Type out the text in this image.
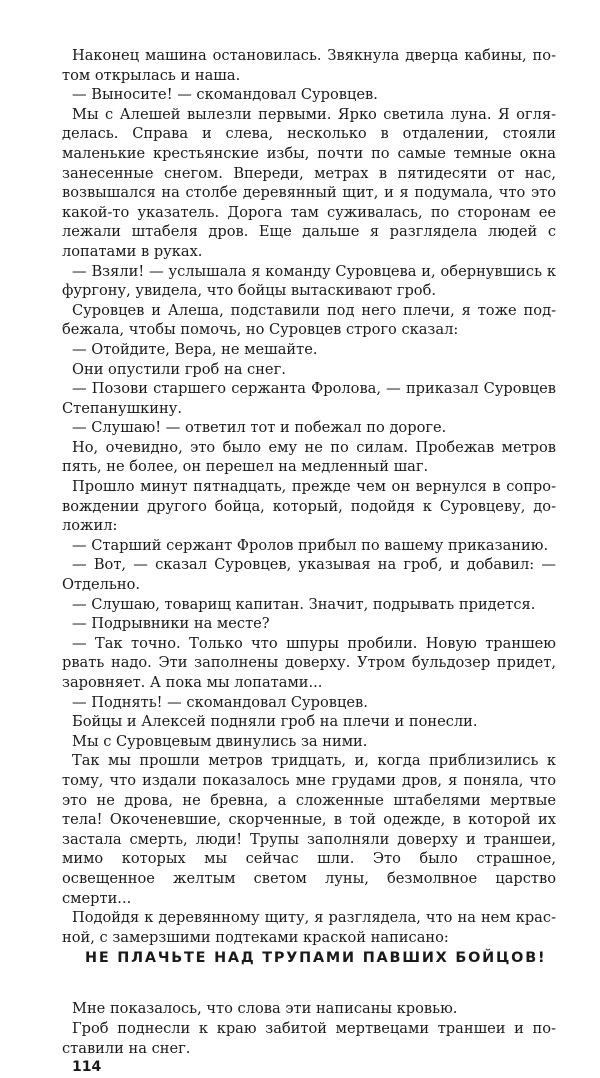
Наконец машина остановилась. Звякнула дверца кабины, потом открылась и наша.

— Выносите! — скомандовал Суровцев.

Мы с Алешей вылезли первыми. Ярко светила луна. Я огляделась. Справа и слева, несколько в отдалении, стояли маленькие крестьянские избы, почти по самые темные окна занесенные снегом. Впереди, метрах в пятидесяти от нас, возвышался на столбе деревянный щит, и я подумала, что это какой-то указатель. Дорога там суживалась, по сторонам ее лежали штабеля дров. Еще дальше я разглядела людей с лопатами в руках.

— Взяли! — услышала я команду Суровцева и, обернувшись к фургону, увидела, что бойцы вытаскивают гроб.

Суровцев и Алеша, подставили под него плечи, я тоже подбежала, чтобы помочь, но Суровцев строго сказал:

— Отойдите, Вера, не мешайте.

Они опустили гроб на снег.

— Позови старшего сержанта Фролова, — приказал Суровцев Степанушкину.

— Слушаю! — ответил тот и побежал по дороге.

Но, очевидно, это было ему не по силам. Пробежав метров пять, не более, он перешел на медленный шаг.

Прошло минут пятнадцать, прежде чем он вернулся в сопровождении другого бойца, который, подойдя к Суровцеву, доложил:

— Старший сержант Фролов прибыл по вашему приказанию.

— Вот, — сказал Суровцев, указывая на гроб, и добавил: — Отдельно.

— Слушаю, товарищ капитан. Значит, подрывать придется.

— Подрывники на месте?

— Так точно. Только что шпуры пробили. Новую траншею рвать надо. Эти заполнены доверху. Утром бульдозер придет, заровняет. А пока мы лопатами...

— Поднять! — скомандовал Суровцев.

Бойцы и Алексей подняли гроб на плечи и понесли.

Мы с Суровцевым двинулись за ними.

Так мы прошли метров тридцать, и, когда приблизились к тому, что издали показалось мне грудами дров, я поняла, что это не дрова, не бревна, а сложенные штабелями мертвые тела! Окоченевшие, скорченные, в той одежде, в которой их застала смерть, люди! Трупы заполняли доверху и траншеи, мимо которых мы сейчас шли. Это было страшное, освещенное желтым светом луны, безмолвное царство смерти...

Подойдя к деревянному щиту, я разглядела, что на нем красной, с замерзшими подтеками краской написано:

НЕ ПЛАЧЬТЕ НАД ТРУПАМИ ПАВШИХ БОЙЦОВ!

Мне показалось, что слова эти написаны кровью.

Гроб поднесли к краю забитой мертвецами траншеи и поставили на снег.

114
